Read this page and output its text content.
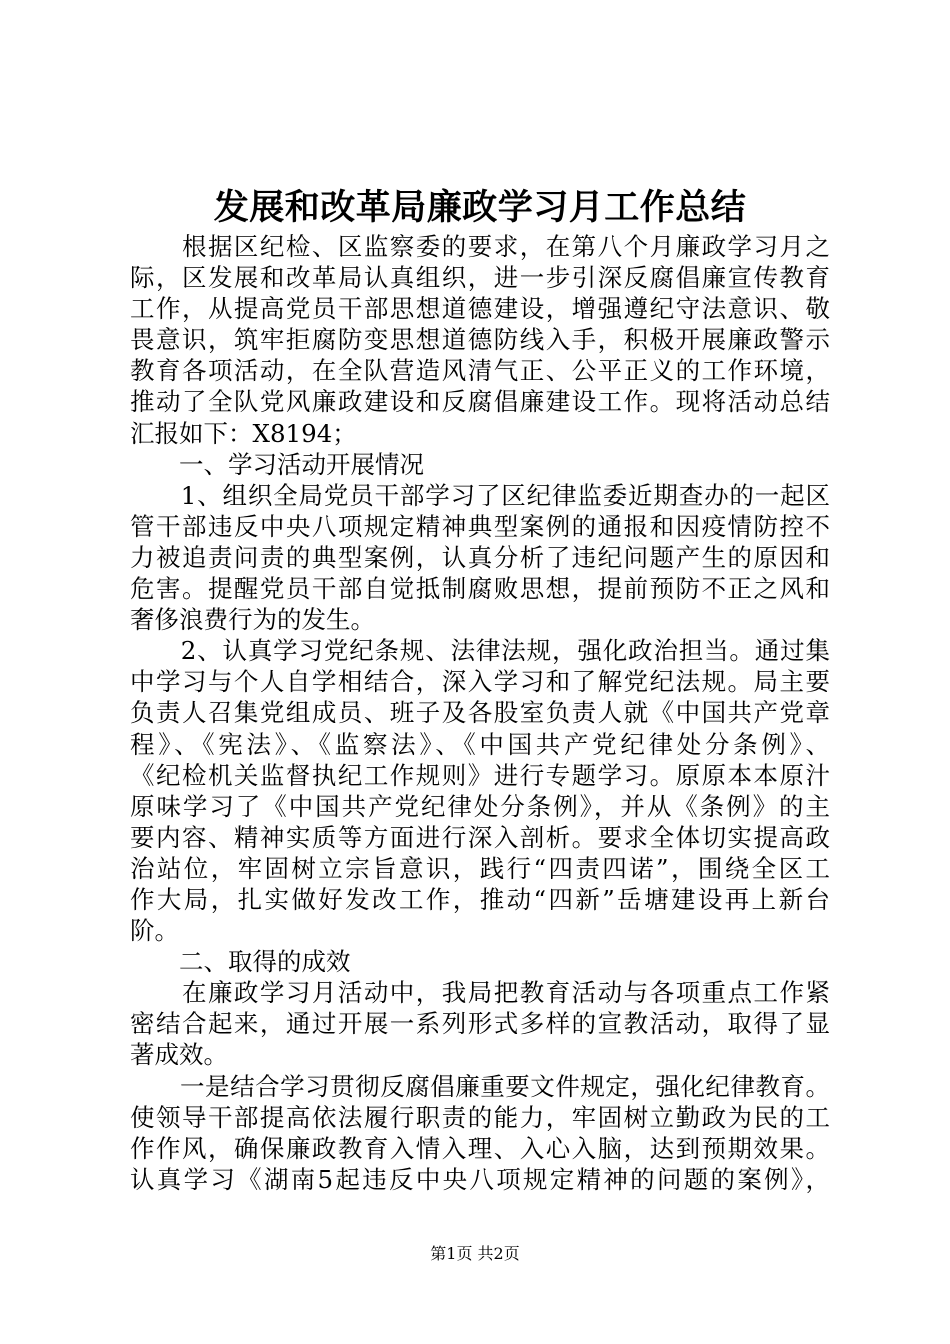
发展和改革局廉政学习月工作总结
　　根据区纪检、区监察委的要求，在第八个月廉政学习月之
际，区发展和改革局认真组织，进一步引深反腐倡廉宣传教育
工作，从提高党员干部思想道德建设，增强遵纪守法意识、敬
畏意识，筑牢拒腐防变思想道德防线入手，积极开展廉政警示
教育各项活动，在全队营造风清气正、公平正义的工作环境，
推动了全队党风廉政建设和反腐倡廉建设工作。现将活动总结
汇报如下：X8194；
　　一、学习活动开展情况
　　1、组织全局党员干部学习了区纪律监委近期查办的一起区
管干部违反中央八项规定精神典型案例的通报和因疫情防控不
力被追责问责的典型案例，认真分析了违纪问题产生的原因和
危害。提醒党员干部自觉抵制腐败思想，提前预防不正之风和
奢侈浪费行为的发生。
　　2、认真学习党纪条规、法律法规，强化政治担当。通过集
中学习与个人自学相结合，深入学习和了解党纪法规。局主要
负责人召集党组成员、班子及各股室负责人就《中国共产党章
程》、《宪法》、《监察法》、《中国共产党纪律处分条例》、
《纪检机关监督执纪工作规则》进行专题学习。原原本本原汁
原味学习了《中国共产党纪律处分条例》，并从《条例》的主
要内容、精神实质等方面进行深入剖析。要求全体切实提高政
治站位，牢固树立宗旨意识，践行“四责四诺”，围绕全区工
作大局，扎实做好发改工作，推动“四新”岳塘建设再上新台
阶。
　　二、取得的成效
　　在廉政学习月活动中，我局把教育活动与各项重点工作紧
密结合起来，通过开展一系列形式多样的宣教活动，取得了显
著成效。
　　一是结合学习贯彻反腐倡廉重要文件规定，强化纪律教育。
使领导干部提高依法履行职责的能力，牢固树立勤政为民的工
作作风，确保廉政教育入情入理、入心入脑，达到预期效果。
认真学习《湖南5起违反中央八项规定精神的问题的案例》，
第1页 共2页
